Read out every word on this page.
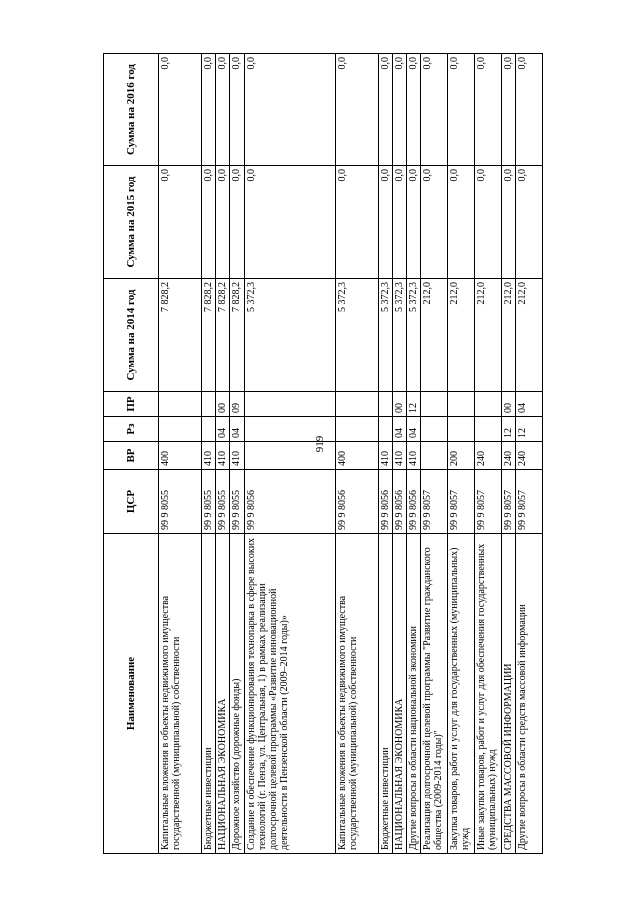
919
Наименование	ЦСР	ВР	Рз	ПР	Сумма на 2014 год	Сумма на 2015 год	Сумма на 2016 год
Капитальные вложения в объекты недвижимого имущества государственной (муниципальной) собственности	99 9 8055	400			7 828,2	0,0	0,0
Бюджетные инвестиции	99 9 8055	410			7 828,2	0,0	0,0
НАЦИОНАЛЬНАЯ ЭКОНОМИКА	99 9 8055	410	04	00	7 828,2	0,0	0,0
Дорожное хозяйство (дорожные фонды)	99 9 8055	410	04	09	7 828,2	0,0	0,0
Создание и обеспечение функционирования технопарка в сфере высоких технологий (г. Пенза, ул. Центральная, 1) в рамках реализации долгосрочной целевой программы «Развитие инновационной деятельности в Пензенской области (2009–2014 годы)»	99 9 8056				5 372,3	0,0	0,0
Капитальные вложения в объекты недвижимого имущества государственной (муниципальной) собственности	99 9 8056	400			5 372,3	0,0	0,0
Бюджетные инвестиции	99 9 8056	410			5 372,3	0,0	0,0
НАЦИОНАЛЬНАЯ ЭКОНОМИКА	99 9 8056	410	04	00	5 372,3	0,0	0,0
Другие вопросы в области национальной экономики	99 9 8056	410	04	12	5 372,3	0,0	0,0
Реализация долгосрочной целевой программы "Развитие гражданского общества (2009-2014 годы)"	99 9 8057				212,0	0,0	0,0
Закупка товаров, работ и услуг для государственных (муниципальных) нужд	99 9 8057	200			212,0	0,0	0,0
Иные закупки товаров, работ и услуг для обеспечения государственных (муниципальных) нужд	99 9 8057	240			212,0	0,0	0,0
СРЕДСТВА МАССОВОЙ ИНФОРМАЦИИ	99 9 8057	240	12	00	212,0	0,0	0,0
Другие вопросы в области средств массовой информации	99 9 8057	240	12	04	212,0	0,0	0,0
